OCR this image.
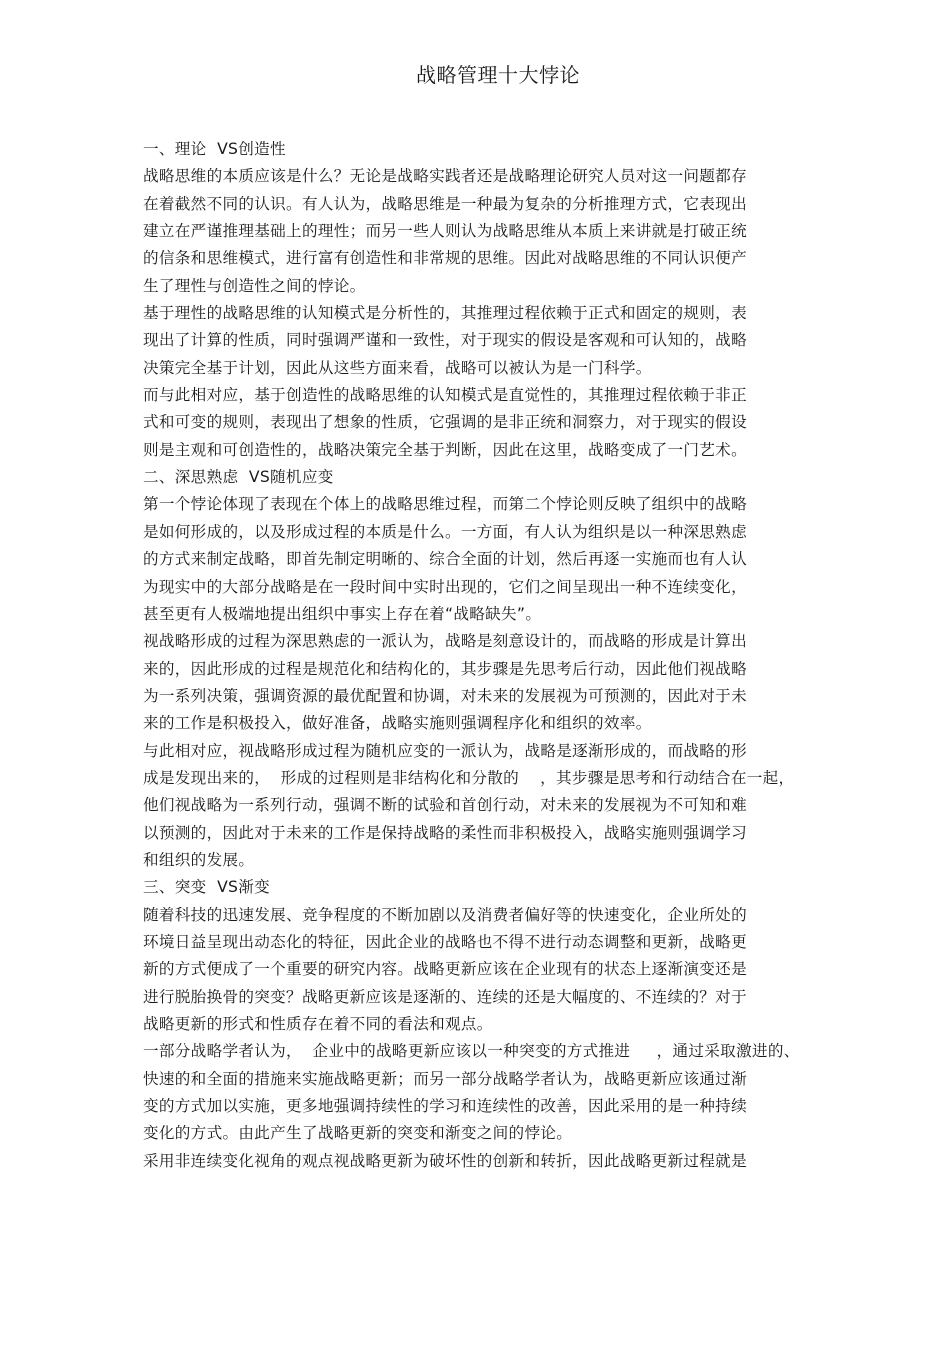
战略管理十大悖论
一、理论  VS创造性
战略思维的本质应该是什么？无论是战略实践者还是战略理论研究人员对这一问题都存
在着截然不同的认识。有人认为，战略思维是一种最为复杂的分析推理方式，它表现出
建立在严谨推理基础上的理性；而另一些人则认为战略思维从本质上来讲就是打破正统
的信条和思维模式，进行富有创造性和非常规的思维。因此对战略思维的不同认识便产
生了理性与创造性之间的悖论。
基于理性的战略思维的认知模式是分析性的，其推理过程依赖于正式和固定的规则，表
现出了计算的性质，同时强调严谨和一致性，对于现实的假设是客观和可认知的，战略
决策完全基于计划，因此从这些方面来看，战略可以被认为是一门科学。
而与此相对应，基于创造性的战略思维的认知模式是直觉性的，其推理过程依赖于非正
式和可变的规则，表现出了想象的性质，它强调的是非正统和洞察力，对于现实的假设
则是主观和可创造性的，战略决策完全基于判断，因此在这里，战略变成了一门艺术。
二、深思熟虑  VS随机应变
第一个悖论体现了表现在个体上的战略思维过程，而第二个悖论则反映了组织中的战略
是如何形成的，以及形成过程的本质是什么。一方面，有人认为组织是以一种深思熟虑
的方式来制定战略，即首先制定明晰的、综合全面的计划，然后再逐一实施而也有人认
为现实中的大部分战略是在一段时间中实时出现的，它们之间呈现出一种不连续变化，
甚至更有人极端地提出组织中事实上存在着“战略缺失”。
视战略形成的过程为深思熟虑的一派认为，战略是刻意设计的，而战略的形成是计算出
来的，因此形成的过程是规范化和结构化的，其步骤是先思考后行动，因此他们视战略
为一系列决策，强调资源的最优配置和协调，对未来的发展视为可预测的，因此对于未
来的工作是积极投入，做好准备，战略实施则强调程序化和组织的效率。
与此相对应，视战略形成过程为随机应变的一派认为，战略是逐渐形成的，而战略的形
成是发现出来的，  形成的过程则是非结构化和分散的    ，其步骤是思考和行动结合在一起，
他们视战略为一系列行动，强调不断的试验和首创行动，对未来的发展视为不可知和难
以预测的，因此对于未来的工作是保持战略的柔性而非积极投入，战略实施则强调学习
和组织的发展。
三、突变  VS渐变
随着科技的迅速发展、竞争程度的不断加剧以及消费者偏好等的快速变化，企业所处的
环境日益呈现出动态化的特征，因此企业的战略也不得不进行动态调整和更新，战略更
新的方式便成了一个重要的研究内容。战略更新应该在企业现有的状态上逐渐演变还是
进行脱胎换骨的突变？战略更新应该是逐渐的、连续的还是大幅度的、不连续的？对于
战略更新的形式和性质存在着不同的看法和观点。
一部分战略学者认为，  企业中的战略更新应该以一种突变的方式推进     ，通过采取激进的、
快速的和全面的措施来实施战略更新；而另一部分战略学者认为，战略更新应该通过渐
变的方式加以实施，更多地强调持续性的学习和连续性的改善，因此采用的是一种持续
变化的方式。由此产生了战略更新的突变和渐变之间的悖论。
采用非连续变化视角的观点视战略更新为破坏性的创新和转折，因此战略更新过程就是
